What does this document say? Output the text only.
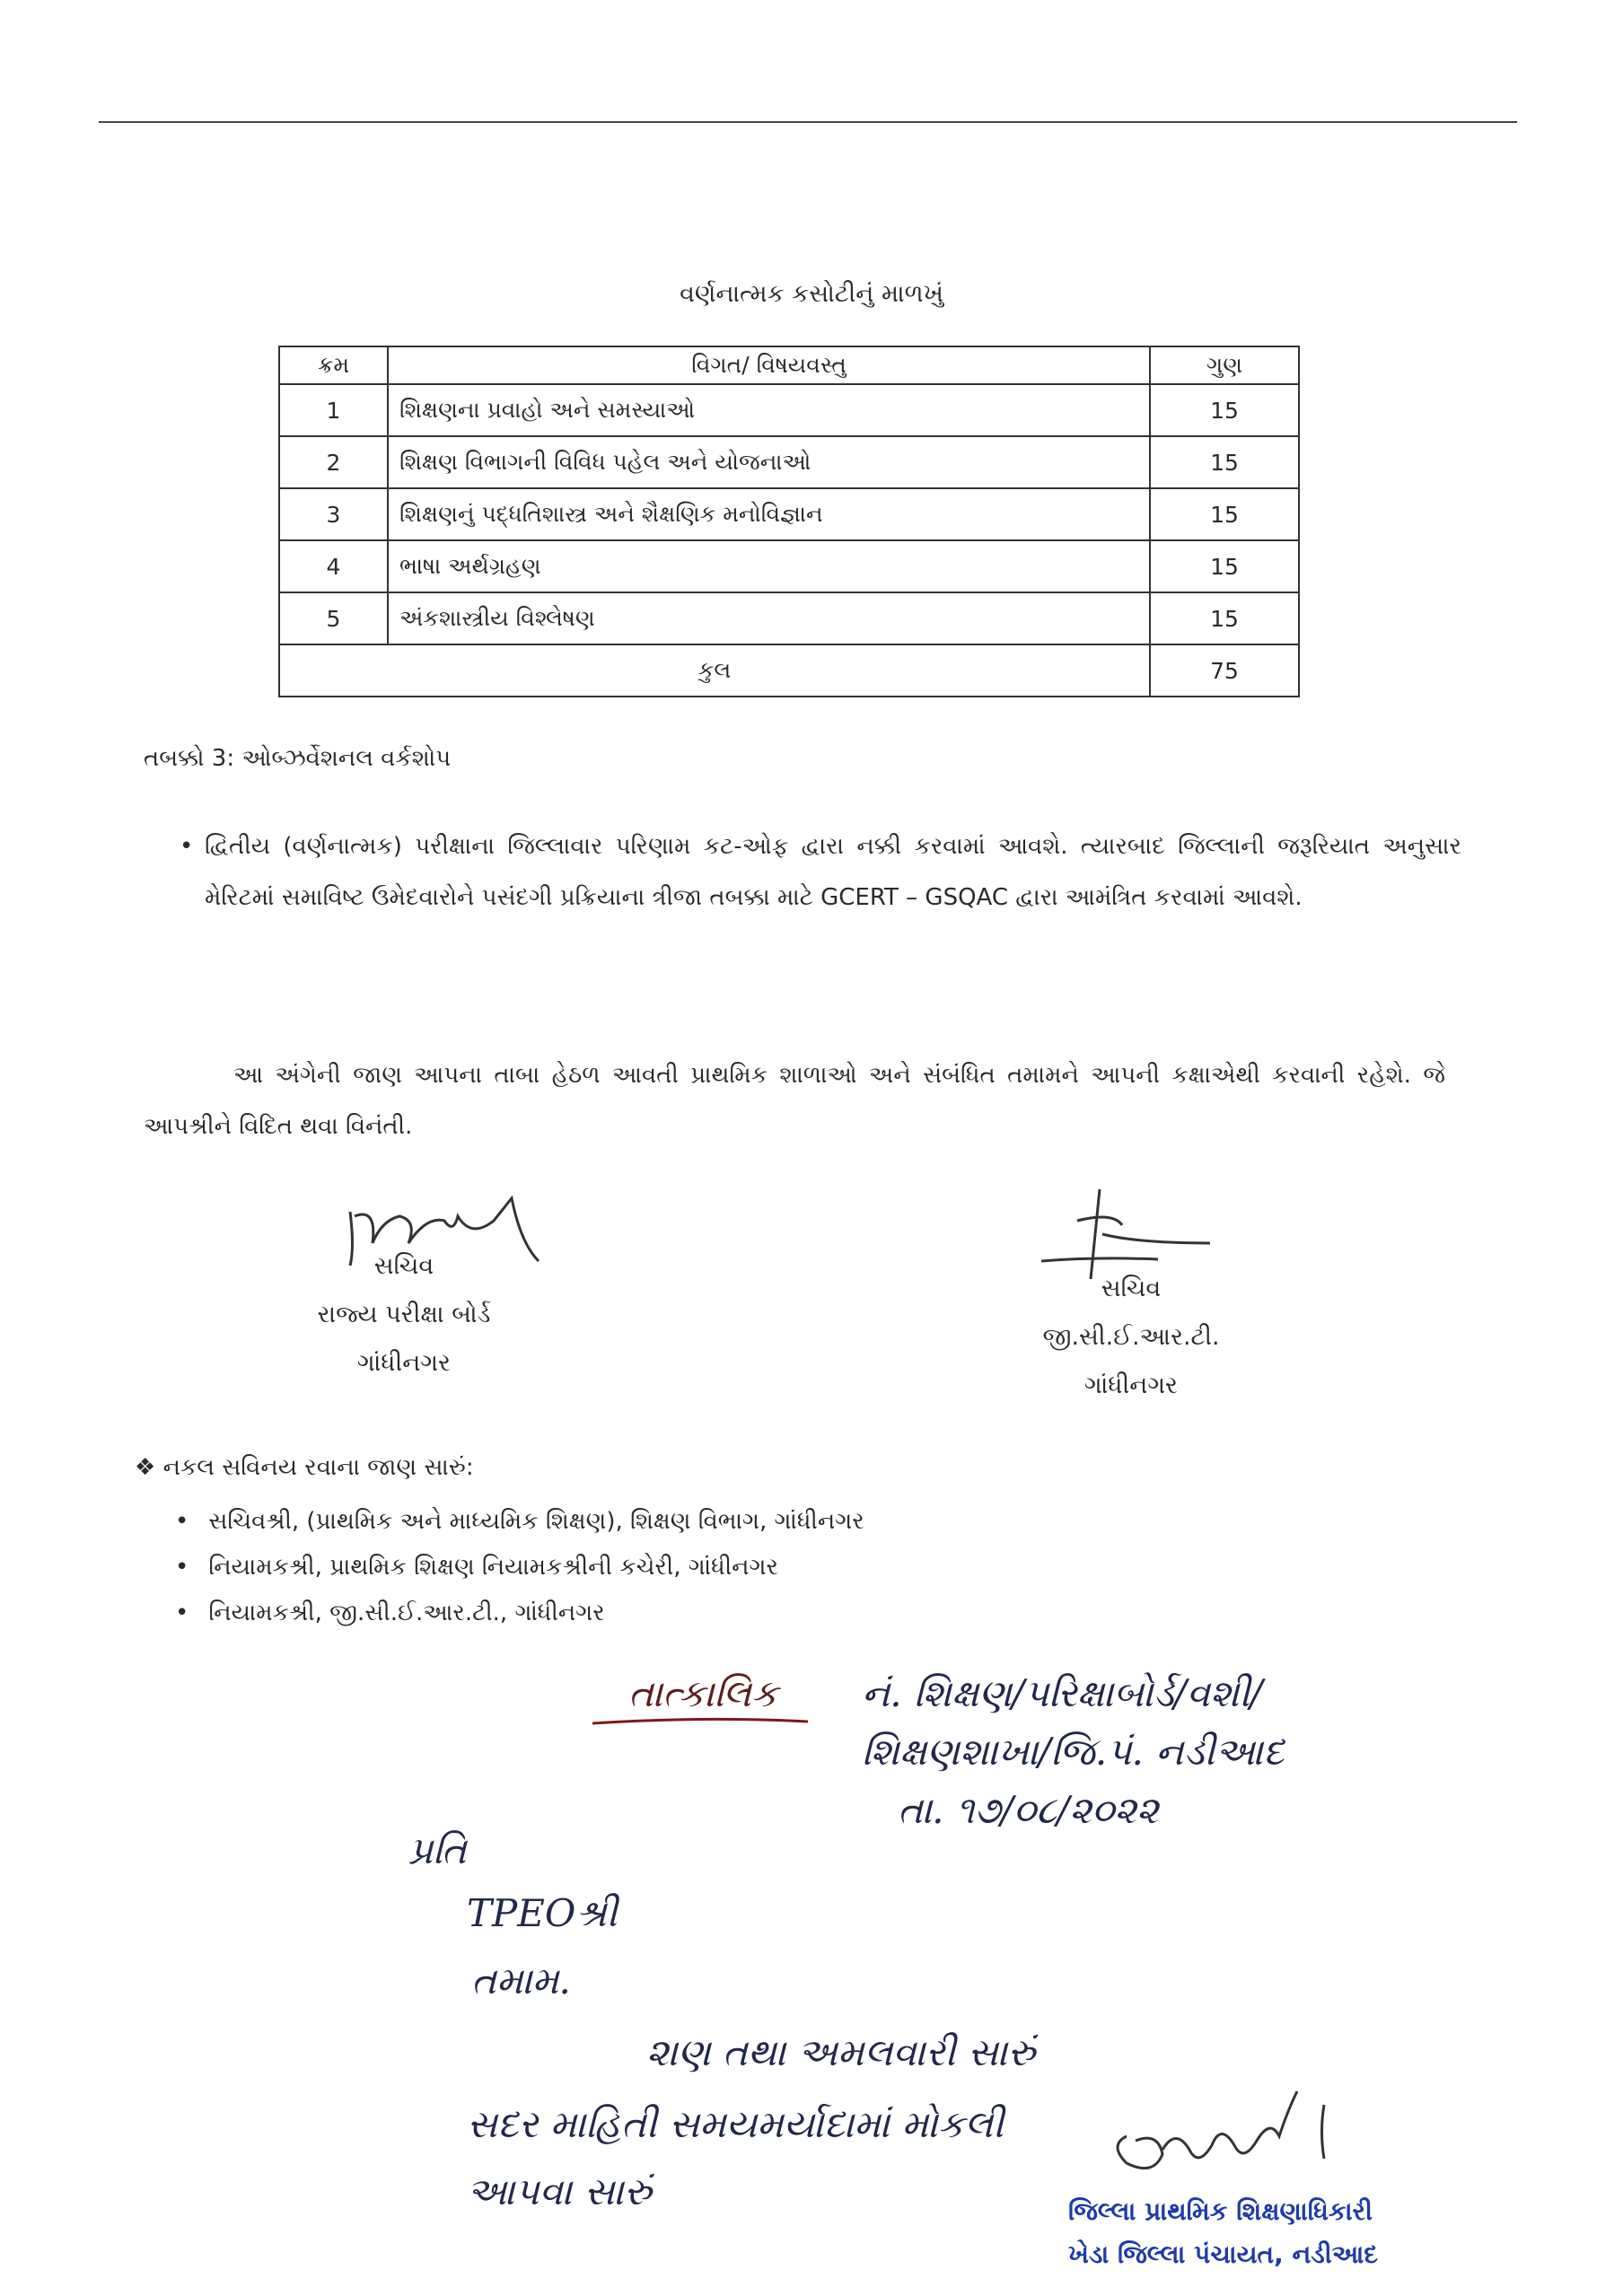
વર્ણનાત્મક કસોટીનું માળખું
ક્રમ	વિગત/ વિષયવસ્તુ	ગુણ
1	શિક્ષણના પ્રવાહો અને સમસ્યાઓ	15
2	શિક્ષણ વિભાગની વિવિધ પહેલ અને યોજનાઓ	15
3	શિક્ષણનું પદ્ધતિશાસ્ત્ર અને શૈક્ષણિક મનોવિજ્ઞાન	15
4	ભાષા અર્થગ્રહણ	15
5	અંકશાસ્ત્રીય વિશ્લેષણ	15
કુલ		75
તબક્કો 3: ઓબ્ઝર્વેશનલ વર્કશોપ
• દ્વિતીય (વર્ણનાત્મક) પરીક્ષાના જિલ્લાવાર પરિણામ કટ-ઓફ દ્વારા નક્કી કરવામાં આવશે. ત્યારબાદ જિલ્લાની જરૂરિયાત અનુસાર મેરિટમાં સમાવિષ્ટ ઉમેદવારોને પસંદગી પ્રક્રિયાના ત્રીજા તબક્કા માટે GCERT – GSQAC દ્વારા આમંત્રિત કરવામાં આવશે.
આ અંગેની જાણ આપના તાબા હેઠળ આવતી પ્રાથમિક શાળાઓ અને સંબંધિત તમામને આપની કક્ષાએથી કરવાની રહેશે. જે આપશ્રીને વિદિત થવા વિનંતી.
સચિવ
રાજ્ય પરીક્ષા બોર્ડ
ગાંધીનગર
સચિવ
જી.સી.ઈ.આર.ટી.
ગાંધીનગર
❖ નકલ સવિનય રવાના જાણ સારું:
• સચિવશ્રી, (પ્રાથમિક અને માધ્યમિક શિક્ષણ), શિક્ષણ વિભાગ, ગાંધીનગર
• નિયામકશ્રી, પ્રાથમિક શિક્ષણ નિયામકશ્રીની કચેરી, ગાંધીનગર
• નિયામકશ્રી, જી.સી.ઈ.આર.ટી., ગાંધીનગર
તાત્કાલિક નં. શિક્ષણ/પરિક્ષાબોર્ડ/વશી/
શિક્ષણશાખા/જિ.પં. નડીઆદ
તા. ૧૭/૦૮/૨૦૨૨
પ્રતિ
TPEOશ્રી
તમામ.
૨ાણ તથા અમલવારી સારું
સદર માહિતી સમયમર્યાદામાં મોકલી
આપવા સારું	જિલ્લા પ્રાથમિક શિક્ષણાધિકારી
ખેડા જિલ્લા પંચાયત, નડીઆદ
